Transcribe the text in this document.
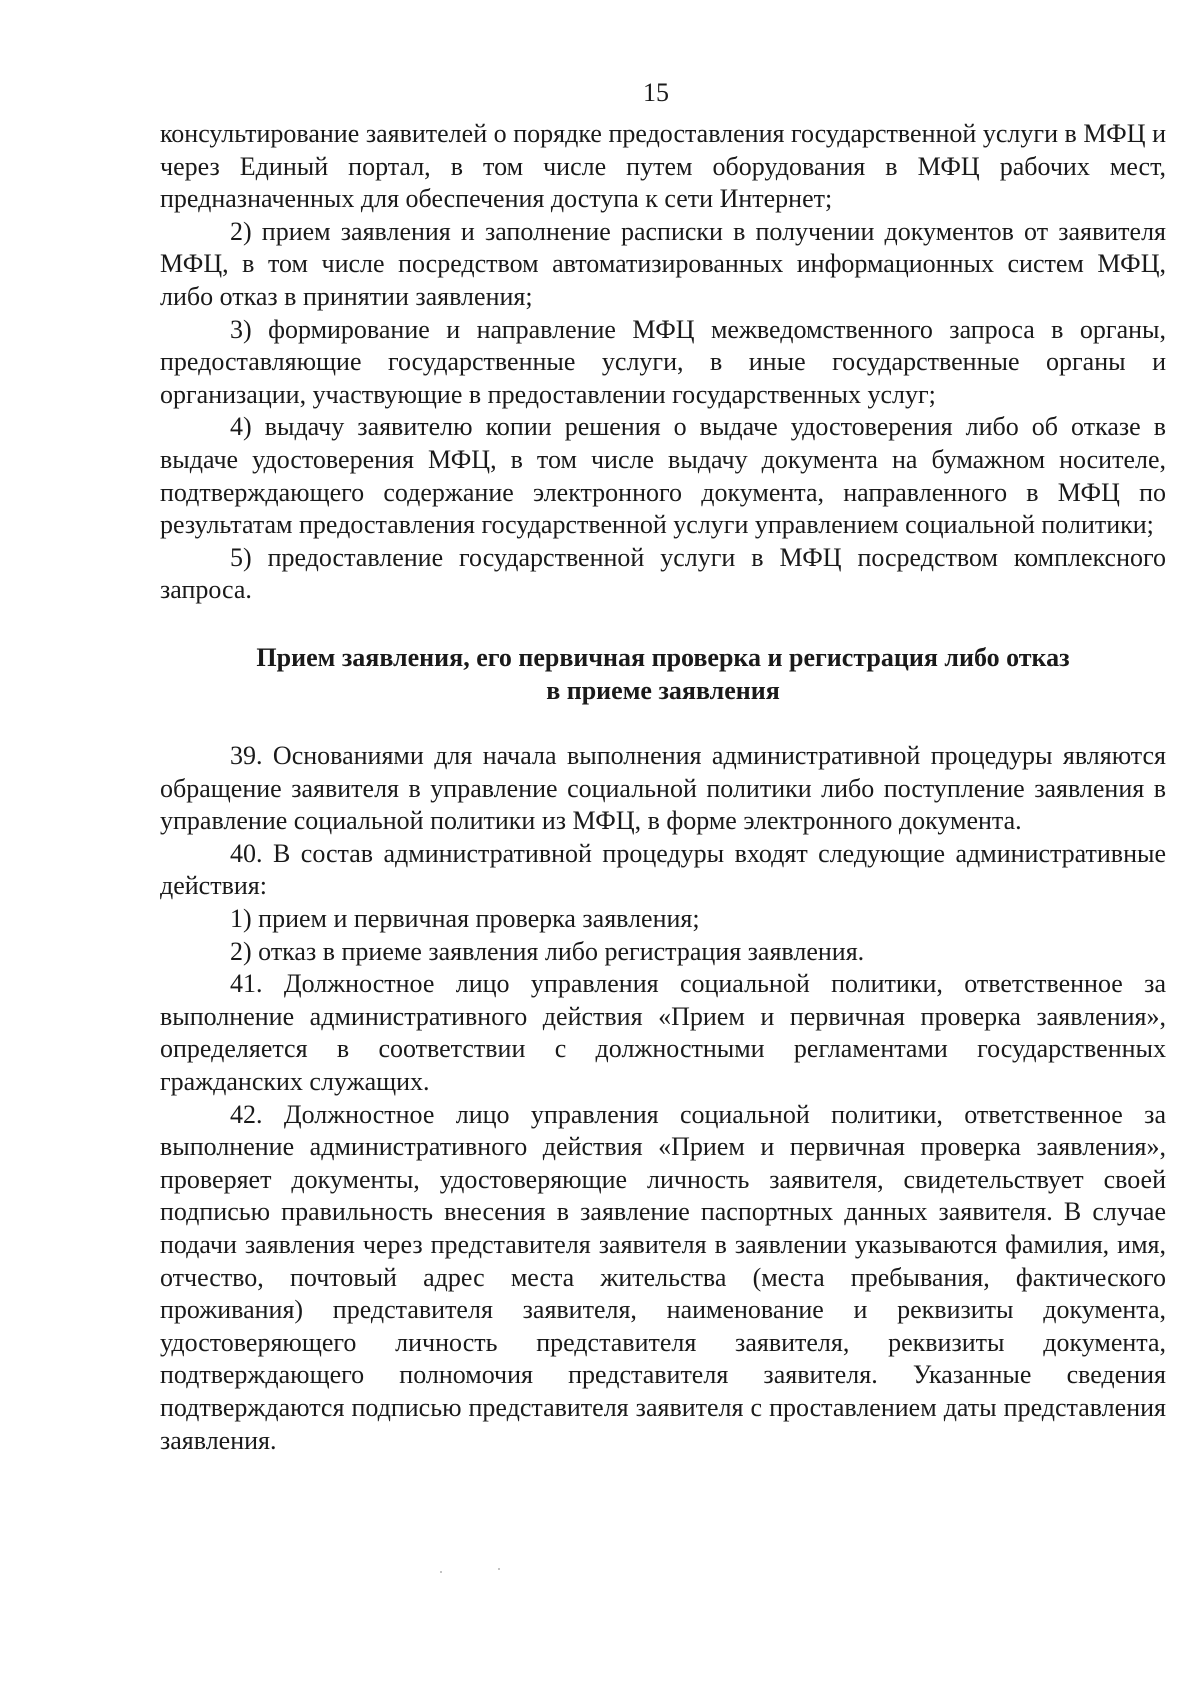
15

консультирование заявителей о порядке предоставления государственной услуги в МФЦ и через Единый портал, в том числе путем оборудования в МФЦ рабочих мест, предназначенных для обеспечения доступа к сети Интернет;

2) прием заявления и заполнение расписки в получении документов от заявителя МФЦ, в том числе посредством автоматизированных информационных систем МФЦ, либо отказ в принятии заявления;

3) формирование и направление МФЦ межведомственного запроса в органы, предоставляющие государственные услуги, в иные государственные органы и организации, участвующие в предоставлении государственных услуг;

4) выдачу заявителю копии решения о выдаче удостоверения либо об отказе в выдаче удостоверения МФЦ, в том числе выдачу документа на бумажном носителе, подтверждающего содержание электронного документа, направленного в МФЦ по результатам предоставления государственной услуги управлением социальной политики;

5) предоставление государственной услуги в МФЦ посредством комплексного запроса.

Прием заявления, его первичная проверка и регистрация либо отказ
в приеме заявления

39. Основаниями для начала выполнения административной процедуры являются обращение заявителя в управление социальной политики либо поступление заявления в управление социальной политики из МФЦ, в форме электронного документа.

40. В состав административной процедуры входят следующие административные действия:

1) прием и первичная проверка заявления;

2) отказ в приеме заявления либо регистрация заявления.

41. Должностное лицо управления социальной политики, ответственное за выполнение административного действия «Прием и первичная проверка заявления», определяется в соответствии с должностными регламентами государственных гражданских служащих.

42. Должностное лицо управления социальной политики, ответственное за выполнение административного действия «Прием и первичная проверка заявления», проверяет документы, удостоверяющие личность заявителя, свидетельствует своей подписью правильность внесения в заявление паспортных данных заявителя. В случае подачи заявления через представителя заявителя в заявлении указываются фамилия, имя, отчество, почтовый адрес места жительства (места пребывания, фактического проживания) представителя заявителя, наименование и реквизиты документа, удостоверяющего личность представителя заявителя, реквизиты документа, подтверждающего полномочия представителя заявителя. Указанные сведения подтверждаются подписью представителя заявителя с проставлением даты представления заявления.
